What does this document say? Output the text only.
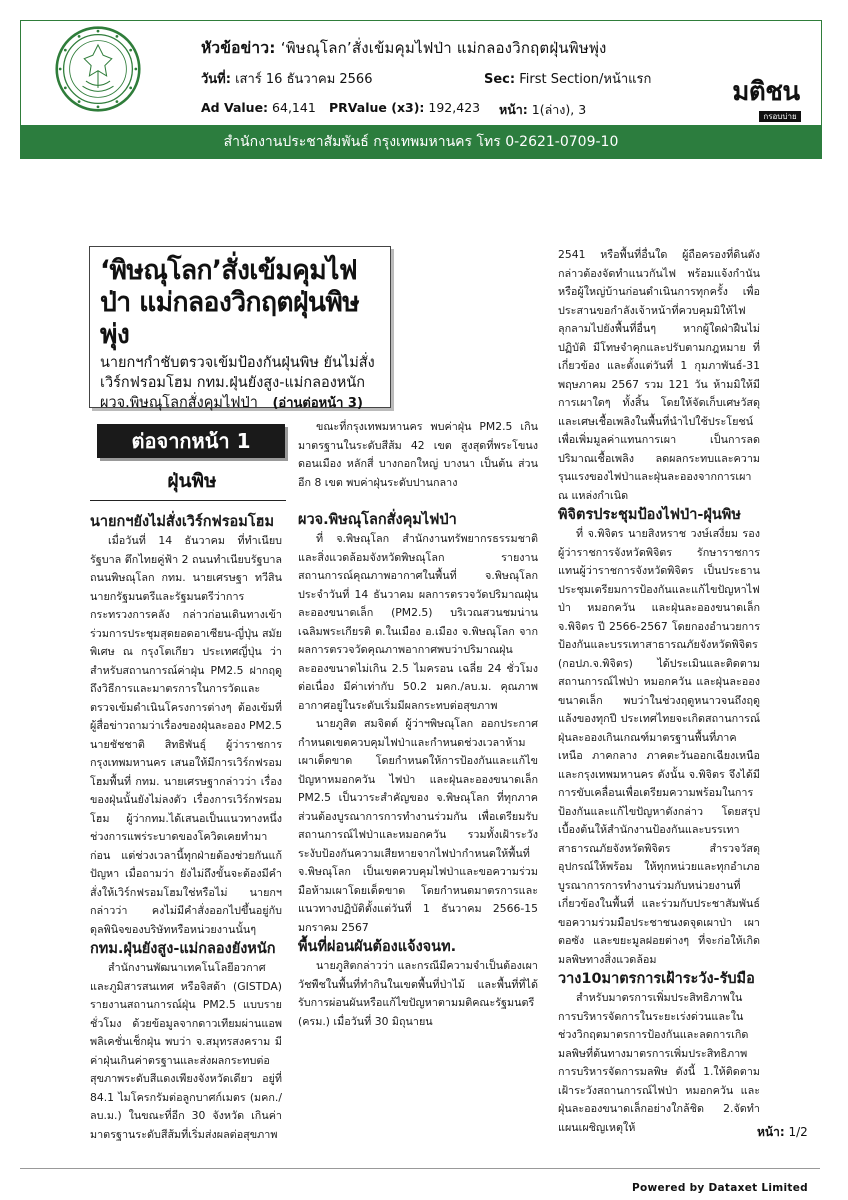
หัวข้อข่าว: ‘พิษณุโลก’สั่งเข้มคุมไฟป่า แม่กลองวิกฤตฝุ่นพิษพุ่ง
วันที่: เสาร์ 16 ธันวาคม 2566	Sec: First Section/หน้าแรก
Ad Value: 64,141 PRValue (x3): 192,423 หน้า: 1(ล่าง), 3
มติชน
กรอบบ่าย
สำนักงานประชาสัมพันธ์ กรุงเทพมหานคร โทร 0-2621-0709-10
‘พิษณุโลก’สั่งเข้มคุมไฟป่า แม่กลองวิกฤตฝุ่นพิษพุ่ง
นายกฯกำชับตรวจเข้มป้องกันฝุ่นพิษ ยันไม่สั่งเวิร์กฟรอมโฮม กทม.ฝุ่นยังสูง-แม่กลองหนัก ผวจ.พิษณุโลกสั่งคุมไฟป่า (อ่านต่อหน้า 3)
ต่อจากหน้า 1
ฝุ่นพิษ
นายกฯยังไม่สั่งเวิร์กฟรอมโฮม

เมื่อวันที่ 14 ธันวาคม ที่ทำเนียบรัฐบาล ตึกไทยคู่ฟ้า 2 ถนนทำเนียบรัฐบาล ถนนพิษณุโลก กทม. นายเศรษฐา ทวีสิน นายกรัฐมนตรีและรัฐมนตรีว่าการกระทรวงการคลัง กล่าวก่อนเดินทางเข้าร่วมการประชุมสุดยอดอาเซียน-ญี่ปุ่น สมัยพิเศษ ณ กรุงโตเกียว ประเทศญี่ปุ่น ว่า สำหรับสถานการณ์ค่าฝุ่น PM2.5 ฝากฤดูถึงวิธีการและมาตรการในการวัดและตรวจเข้มดำเนินโครงการต่างๆ ต้องเข้มที่ ผู้สื่อข่าวถามว่าเรื่องของฝุ่นละออง PM2.5 นายชัชชาติ สิทธิพันธุ์ ผู้ว่าราชการกรุงเทพมหานคร เสนอให้มีการเวิร์กฟรอมโฮมพื้นที่ กทม. นายเศรษฐากล่าวว่า เรื่องของฝุ่นนั้นยังไม่ลงตัว เรื่องการเวิร์กฟรอมโฮม ผู้ว่ากทม.ได้เสนอเป็นแนวทางหนึ่ง ช่วงการแพร่ระบาดของโควิดเคยทำมาก่อน แต่ช่วงเวลานี้ทุกฝ่ายต้องช่วยกันแก้ปัญหา เมื่อถามว่า ยังไม่ถึงขั้นจะต้องมีคำสั่งให้เวิร์กฟรอมโฮมใช่หรือไม่ นายกฯกล่าวว่า คงไม่มีคำสั่งออกไปขึ้นอยู่กับดุลพินิจของบริษัทหรือหน่วยงานนั้นๆ

กทม.ฝุ่นยังสูง-แม่กลองยังหนัก

สำนักงานพัฒนาเทคโนโลยีอวกาศและภูมิสารสนเทศ หรือจิสด้า (GISTDA) รายงานสถานการณ์ฝุ่น PM2.5 แบบรายชั่วโมง ด้วยข้อมูลจากดาวเทียมผ่านแอพพลิเคชั่นเช็กฝุ่น พบว่า จ.สมุทรสงคราม มีค่าฝุ่นเกินค่าตรฐานและส่งผลกระทบต่อสุขภาพระดับสีแดงเพียงจังหวัดเดียว อยู่ที่ 84.1 ไมโครกรัมต่อลูกบาศก์เมตร (มคก./ลบ.ม.) ในขณะที่อีก 30 จังหวัด เกินค่ามาตรฐานระดับสีส้มที่เริ่มส่งผลต่อสุขภาพ

ขณะที่กรุงเทพมหานคร พบค่าฝุ่น PM2.5 เกินมาตรฐานในระดับสีส้ม 42 เขต สูงสุดที่พระโขนง ดอนเมือง หลักสี่ บางกอกใหญ่ บางนา เป็นต้น ส่วนอีก 8 เขต พบค่าฝุ่นระดับปานกลาง

ผวจ.พิษณุโลกสั่งคุมไฟป่า

ที่ จ.พิษณุโลก สำนักงานทรัพยากรธรรมชาติและสิ่งแวดล้อมจังหวัดพิษณุโลก รายงานสถานการณ์คุณภาพอากาศในพื้นที่ จ.พิษณุโลก ประจำวันที่ 14 ธันวาคม ผลการตรวจวัดปริมาณฝุ่นละอองขนาดเล็ก (PM2.5) บริเวณสวนชมน่านเฉลิมพระเกียรติ ต.ในเมือง อ.เมือง จ.พิษณุโลก จากผลการตรวจวัดคุณภาพอากาศพบว่าปริมาณฝุ่นละอองขนาดไม่เกิน 2.5 ไมครอน เฉลี่ย 24 ชั่วโมงต่อเนื่อง มีค่าเท่ากับ 50.2 มคก./ลบ.ม. คุณภาพอากาศอยู่ในระดับเริ่มมีผลกระทบต่อสุขภาพ

นายภูสิต สมจิตต์ ผู้ว่าฯพิษณุโลก ออกประกาศกำหนดเขตควบคุมไฟป่าและกำหนดช่วงเวลาห้ามเผาเด็ดขาด โดยกำหนดให้การป้องกันและแก้ไขปัญหาหมอกควัน ไฟป่า และฝุ่นละอองขนาดเล็ก PM2.5 เป็นวาระสำคัญของ จ.พิษณุโลก ที่ทุกภาคส่วนต้องบูรณาการการทำงานร่วมกัน เพื่อเตรียมรับสถานการณ์ไฟป่าและหมอกควัน รวมทั้งเฝ้าระวังระงับป้องกันความเสียหายจากไฟป่ากำหนดให้พื้นที่ จ.พิษณุโลก เป็นเขตควบคุมไฟป่าและขอความร่วมมือห้ามเผาโดยเด็ดขาด โดยกำหนดมาตรการและแนวทางปฏิบัติตั้งแต่วันที่ 1 ธันวาคม 2566-15 มกราคม 2567

พื้นที่ผ่อนผันต้องแจ้งจนท.

นายภูสิตกล่าวว่า และกรณีมีความจำเป็นต้องเผาวัชพืชในพื้นที่ทำกินในเขตพื้นที่ป่าไม้ และพื้นที่ที่ได้รับการผ่อนผันหรือแก้ไขปัญหาตามมติคณะรัฐมนตรี (ครม.) เมื่อวันที่ 30 มิถุนายน

2541 หรือพื้นที่อื่นใด ผู้ถือครองที่ดินดังกล่าวต้องจัดทำแนวกันไฟ พร้อมแจ้งกำนัน หรือผู้ใหญ่บ้านก่อนดำเนินการทุกครั้ง เพื่อประสานขอกำลังเจ้าหน้าที่ควบคุมมิให้ไฟลุกลามไปยังพื้นที่อื่นๆ หากผู้ใดฝ่าฝืนไม่ปฏิบัติ มีโทษจำคุกและปรับตามกฎหมาย ที่เกี่ยวข้อง และตั้งแต่วันที่ 1 กุมภาพันธ์-31 พฤษภาคม 2567 รวม 121 วัน ห้ามมิให้มีการเผาใดๆ ทั้งสิ้น โดยให้จัดเก็บเศษวัสดุและเศษเชื้อเพลิงในพื้นที่นำไปใช้ประโยชน์เพื่อเพิ่มมูลค่าแทนการเผา เป็นการลดปริมาณเชื้อเพลิง ลดผลกระทบและความรุนแรงของไฟป่าและฝุ่นละอองจากการเผา ณ แหล่งกำเนิด

พิจิตรประชุมป้องไฟป่า-ฝุ่นพิษ

ที่ จ.พิจิตร นายสิงหราช วงษ์เสงี่ยม รองผู้ว่าราชการจังหวัดพิจิตร รักษาราชการแทนผู้ว่าราชการจังหวัดพิจิตร เป็นประธานประชุมเตรียมการป้องกันและแก้ไขปัญหาไฟป่า หมอกควัน และฝุ่นละอองขนาดเล็ก จ.พิจิตร ปี 2566-2567 โดยกองอำนวยการป้องกันและบรรเทาสาธารณภัยจังหวัดพิจิตร (กอปภ.จ.พิจิตร) ได้ประเมินและติดตามสถานการณ์ไฟป่า หมอกควัน และฝุ่นละอองขนาดเล็ก พบว่าในช่วงฤดูหนาวจนถึงฤดูแล้งของทุกปี ประเทศไทยจะเกิดสถานการณ์ฝุ่นละอองเกินเกณฑ์มาตรฐานพื้นที่ภาคเหนือ ภาคกลาง ภาคตะวันออกเฉียงเหนือ และกรุงเทพมหานคร ดังนั้น จ.พิจิตร จึงได้มีการขับเคลื่อนเพื่อเตรียมความพร้อมในการป้องกันและแก้ไขปัญหาดังกล่าว โดยสรุปเบื้องต้นให้สำนักงานป้องกันและบรรเทาสาธารณภัยจังหวัดพิจิตร สำรวจวัสดุ อุปกรณ์ให้พร้อม ให้ทุกหน่วยและทุกอำเภอ บูรณาการการทำงานร่วมกับหน่วยงานที่เกี่ยวข้องในพื้นที่ และร่วมกับประชาสัมพันธ์ขอความร่วมมือประชาชนงดจุดเผาป่า เผาตอซัง และขยะมูลฝอยต่างๆ ที่จะก่อให้เกิดมลพิษทางสิ่งแวดล้อม

วาง10มาตรการเฝ้าระวัง-รับมือ

สำหรับมาตรการเพิ่มประสิทธิภาพในการบริหารจัดการในระยะเร่งด่วนและในช่วงวิกฤตมาตรการป้องกันและลดการเกิดมลพิษที่ต้นทางมาตรการเพิ่มประสิทธิภาพการบริหารจัดการมลพิษ ดังนี้ 1.ให้ติดตาม เฝ้าระวังสถานการณ์ไฟป่า หมอกควัน และฝุ่นละอองขนาดเล็กอย่างใกล้ชิด 2.จัดทำแผนเผชิญเหตุให้	หน้า: 1/2
Powered by Dataxet Limited
